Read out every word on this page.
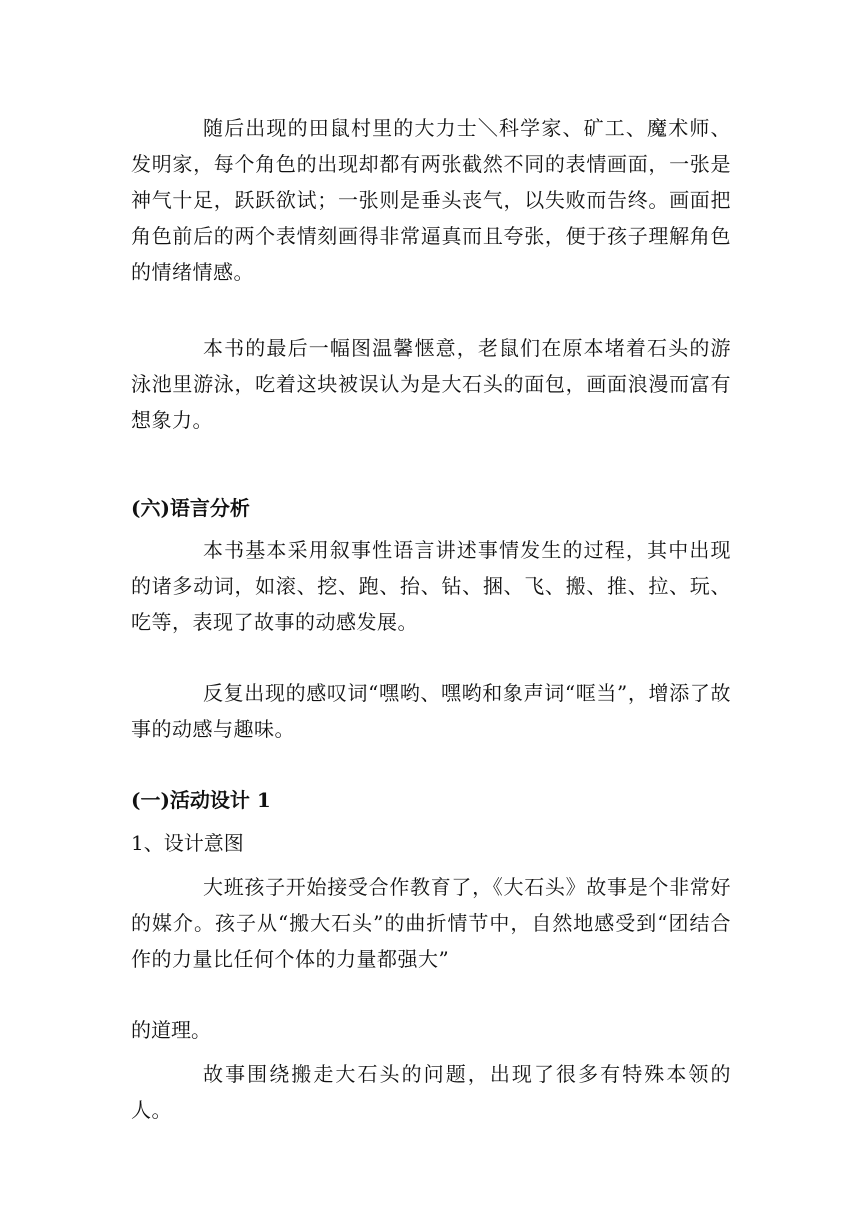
随后出现的田鼠村里的大力士＼科学家、矿工、魔术师、发明家，每个角色的出现却都有两张截然不同的表情画面，一张是神气十足，跃跃欲试；一张则是垂头丧气，以失败而告终。画面把角色前后的两个表情刻画得非常逼真而且夸张，便于孩子理解角色的情绪情感。

本书的最后一幅图温馨惬意，老鼠们在原本堵着石头的游泳池里游泳，吃着这块被误认为是大石头的面包，画面浪漫而富有想象力。

(六)语言分析

本书基本采用叙事性语言讲述事情发生的过程，其中出现的诸多动词，如滚、挖、跑、抬、钻、捆、飞、搬、推、拉、玩、吃等，表现了故事的动感发展。

反复出现的感叹词“嘿哟、嘿哟和象声词“哐当”，增添了故事的动感与趣味。

(一)活动设计 1

1、设计意图

大班孩子开始接受合作教育了，《大石头》故事是个非常好的媒介。孩子从“搬大石头”的曲折情节中，自然地感受到“团结合作的力量比任何个体的力量都强大”

的道理。

故事围绕搬走大石头的问题，出现了很多有特殊本领的人。
